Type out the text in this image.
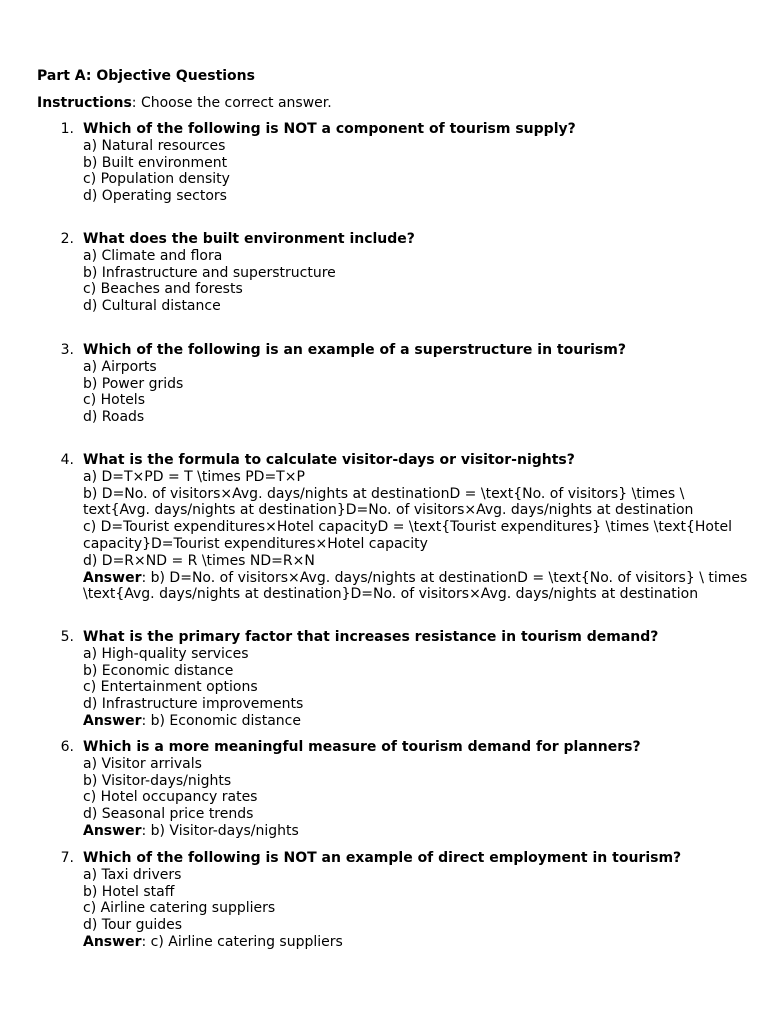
Part A: Objective Questions
Instructions: Choose the correct answer.
1. Which of the following is NOT a component of tourism supply?
a) Natural resources
b) Built environment
c) Population density
d) Operating sectors
2. What does the built environment include?
a) Climate and flora
b) Infrastructure and superstructure
c) Beaches and forests
d) Cultural distance
3. Which of the following is an example of a superstructure in tourism?
a) Airports
b) Power grids
c) Hotels
d) Roads
4. What is the formula to calculate visitor-days or visitor-nights?
a) D=T×PD = T \times PD=T×P
b) D=No. of visitors×Avg. days/nights at destinationD = \text{No. of visitors} \times \ text{Avg. days/nights at destination}D=No. of visitors×Avg. days/nights at destination
c) D=Tourist expenditures×Hotel capacityD = \text{Tourist expenditures} \times \text{Hotel capacity}D=Tourist expenditures×Hotel capacity
d) D=R×ND = R \times ND=R×N
Answer: b) D=No. of visitors×Avg. days/nights at destinationD = \text{No. of visitors} \ times \text{Avg. days/nights at destination}D=No. of visitors×Avg. days/nights at destination
5. What is the primary factor that increases resistance in tourism demand?
a) High-quality services
b) Economic distance
c) Entertainment options
d) Infrastructure improvements
Answer: b) Economic distance
6. Which is a more meaningful measure of tourism demand for planners?
a) Visitor arrivals
b) Visitor-days/nights
c) Hotel occupancy rates
d) Seasonal price trends
Answer: b) Visitor-days/nights
7. Which of the following is NOT an example of direct employment in tourism?
a) Taxi drivers
b) Hotel staff
c) Airline catering suppliers
d) Tour guides
Answer: c) Airline catering suppliers
